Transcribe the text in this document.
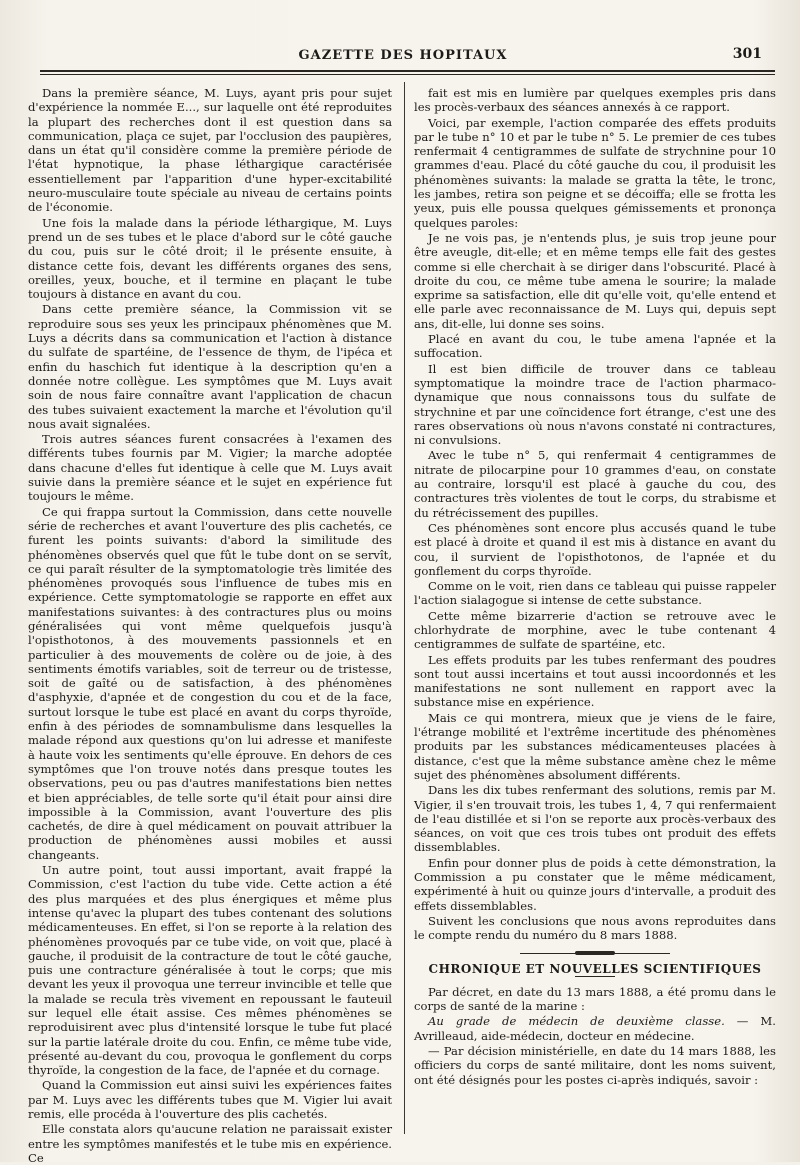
GAZETTE DES HOPITAUX	301

Dans la première séance, M. Luys, ayant pris pour sujet d'expérience la nommée E..., sur laquelle ont été reproduites la plupart des recherches dont il est question dans sa communication, plaça ce sujet, par l'occlusion des paupières, dans un état qu'il considère comme la première période de l'état hypnotique, la phase léthargique caractérisée essentiellement par l'apparition d'une hyper-excitabilité neuro-musculaire toute spéciale au niveau de certains points de l'économie.

Une fois la malade dans la période léthargique, M. Luys prend un de ses tubes et le place d'abord sur le côté gauche du cou, puis sur le côté droit; il le présente ensuite, à distance cette fois, devant les différents organes des sens, oreilles, yeux, bouche, et il termine en plaçant le tube toujours à distance en avant du cou.

Dans cette première séance, la Commission vit se reproduire sous ses yeux les principaux phénomènes que M. Luys a décrits dans sa communication et l'action à distance du sulfate de spartéine, de l'essence de thym, de l'ipéca et enfin du haschich fut identique à la description qu'en a donnée notre collègue. Les symptômes que M. Luys avait soin de nous faire connaître avant l'application de chacun des tubes suivaient exactement la marche et l'évolution qu'il nous avait signalées.

Trois autres séances furent consacrées à l'examen des différents tubes fournis par M. Vigier; la marche adoptée dans chacune d'elles fut identique à celle que M. Luys avait suivie dans la première séance et le sujet en expérience fut toujours le même.

Ce qui frappa surtout la Commission, dans cette nouvelle série de recherches et avant l'ouverture des plis cachetés, ce furent les points suivants: d'abord la similitude des phénomènes observés quel que fût le tube dont on se servît, ce qui paraît résulter de la symptomatologie très limitée des phénomènes provoqués sous l'influence de tubes mis en expérience. Cette symptomatologie se rapporte en effet aux manifestations suivantes: à des contractures plus ou moins généralisées qui vont même quelquefois jusqu'à l'opisthotonos, à des mouvements passionnels et en particulier à des mouvements de colère ou de joie, à des sentiments émotifs variables, soit de terreur ou de tristesse, soit de gaîté ou de satisfaction, à des phénomènes d'asphyxie, d'apnée et de congestion du cou et de la face, surtout lorsque le tube est placé en avant du corps thyroïde, enfin à des périodes de somnambulisme dans lesquelles la malade répond aux questions qu'on lui adresse et manifeste à haute voix les sentiments qu'elle éprouve. En dehors de ces symptômes que l'on trouve notés dans presque toutes les observations, peu ou pas d'autres manifestations bien nettes et bien appréciables, de telle sorte qu'il était pour ainsi dire impossible à la Commission, avant l'ouverture des plis cachetés, de dire à quel médicament on pouvait attribuer la production de phénomènes aussi mobiles et aussi changeants.

Un autre point, tout aussi important, avait frappé la Commission, c'est l'action du tube vide. Cette action a été des plus marquées et des plus énergiques et même plus intense qu'avec la plupart des tubes contenant des solutions médicamenteuses. En effet, si l'on se reporte à la relation des phénomènes provoqués par ce tube vide, on voit que, placé à gauche, il produisit de la contracture de tout le côté gauche, puis une contracture généralisée à tout le corps; que mis devant les yeux il provoqua une terreur invincible et telle que la malade se recula très vivement en repoussant le fauteuil sur lequel elle était assise. Ces mêmes phénomènes se reproduisirent avec plus d'intensité lorsque le tube fut placé sur la partie latérale droite du cou. Enfin, ce même tube vide, présenté au-devant du cou, provoqua le gonflement du corps thyroïde, la congestion de la face, de l'apnée et du cornage.

Quand la Commission eut ainsi suivi les expériences faites par M. Luys avec les différents tubes que M. Vigier lui avait remis, elle procéda à l'ouverture des plis cachetés.

Elle constata alors qu'aucune relation ne paraissait exister entre les symptômes manifestés et le tube mis en expérience. Ce

fait est mis en lumière par quelques exemples pris dans les procès-verbaux des séances annexés à ce rapport.

Voici, par exemple, l'action comparée des effets produits par le tube n° 10 et par le tube n° 5. Le premier de ces tubes renfermait 4 centigrammes de sulfate de strychnine pour 10 grammes d'eau. Placé du côté gauche du cou, il produisit les phénomènes suivants: la malade se gratta la tête, le tronc, les jambes, retira son peigne et se décoiffa; elle se frotta les yeux, puis elle poussa quelques gémissements et prononça quelques paroles:

Je ne vois pas, je n'entends plus, je suis trop jeune pour être aveugle, dit-elle; et en même temps elle fait des gestes comme si elle cherchait à se diriger dans l'obscurité. Placé à droite du cou, ce même tube amena le sourire; la malade exprime sa satisfaction, elle dit qu'elle voit, qu'elle entend et elle parle avec reconnaissance de M. Luys qui, depuis sept ans, dit-elle, lui donne ses soins.

Placé en avant du cou, le tube amena l'apnée et la suffocation.

Il est bien difficile de trouver dans ce tableau symptomatique la moindre trace de l'action pharmaco-dynamique que nous connaissons tous du sulfate de strychnine et par une coïncidence fort étrange, c'est une des rares observations où nous n'avons constaté ni contractures, ni convulsions.

Avec le tube n° 5, qui renfermait 4 centigrammes de nitrate de pilocarpine pour 10 grammes d'eau, on constate au contraire, lorsqu'il est placé à gauche du cou, des contractures très violentes de tout le corps, du strabisme et du rétrécissement des pupilles.

Ces phénomènes sont encore plus accusés quand le tube est placé à droite et quand il est mis à distance en avant du cou, il survient de l'opisthotonos, de l'apnée et du gonflement du corps thyroïde.

Comme on le voit, rien dans ce tableau qui puisse rappeler l'action sialagogue si intense de cette substance.

Cette même bizarrerie d'action se retrouve avec le chlorhydrate de morphine, avec le tube contenant 4 centigrammes de sulfate de spartéine, etc.

Les effets produits par les tubes renfermant des poudres sont tout aussi incertains et tout aussi incoordonnés et les manifestations ne sont nullement en rapport avec la substance mise en expérience.

Mais ce qui montrera, mieux que je viens de le faire, l'étrange mobilité et l'extrême incertitude des phénomènes produits par les substances médicamenteuses placées à distance, c'est que la même substance amène chez le même sujet des phénomènes absolument différents.

Dans les dix tubes renfermant des solutions, remis par M. Vigier, il s'en trouvait trois, les tubes 1, 4, 7 qui renfermaient de l'eau distillée et si l'on se reporte aux procès-verbaux des séances, on voit que ces trois tubes ont produit des effets dissemblables.

Enfin pour donner plus de poids à cette démonstration, la Commission a pu constater que le même médicament, expérimenté à huit ou quinze jours d'intervalle, a produit des effets dissemblables.

Suivent les conclusions que nous avons reproduites dans le compte rendu du numéro du 8 mars 1888.

CHRONIQUE ET NOUVELLES SCIENTIFIQUES

Par décret, en date du 13 mars 1888, a été promu dans le corps de santé de la marine :

Au grade de médecin de deuxième classe. — M. Avrilleaud, aide-médecin, docteur en médecine.

— Par décision ministérielle, en date du 14 mars 1888, les officiers du corps de santé militaire, dont les noms suivent, ont été désignés pour les postes ci-après indiqués, savoir :
